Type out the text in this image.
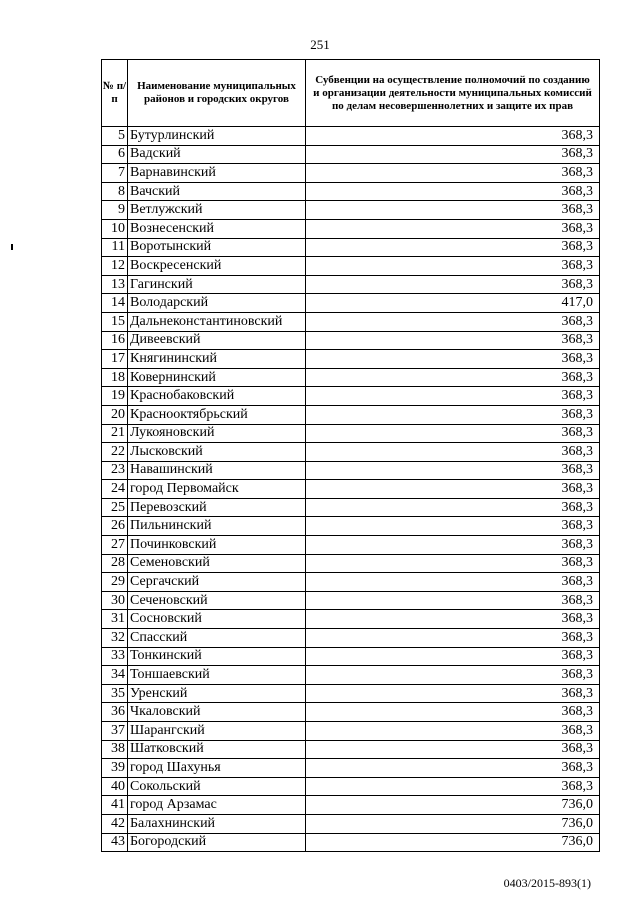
251
№ п/п	Наименование муниципальных районов и городских округов	Субвенции на осуществление полномочий по созданию и организации деятельности муниципальных комиссий по делам несовершеннолетних и защите их прав
5	Бутурлинский	368,3
6	Вадский	368,3
7	Варнавинский	368,3
8	Вачский	368,3
9	Ветлужский	368,3
10	Вознесенский	368,3
11	Воротынский	368,3
12	Воскресенский	368,3
13	Гагинский	368,3
14	Володарский	417,0
15	Дальнеконстантиновский	368,3
16	Дивеевский	368,3
17	Княгининский	368,3
18	Ковернинский	368,3
19	Краснобаковский	368,3
20	Краснооктябрьский	368,3
21	Лукояновский	368,3
22	Лысковский	368,3
23	Навашинский	368,3
24	город Первомайск	368,3
25	Перевозский	368,3
26	Пильнинский	368,3
27	Починковский	368,3
28	Семеновский	368,3
29	Сергачский	368,3
30	Сеченовский	368,3
31	Сосновский	368,3
32	Спасский	368,3
33	Тонкинский	368,3
34	Тоншаевский	368,3
35	Уренский	368,3
36	Чкаловский	368,3
37	Шарангский	368,3
38	Шатковский	368,3
39	город Шахунья	368,3
40	Сокольский	368,3
41	город Арзамас	736,0
42	Балахнинский	736,0
43	Богородский	736,0
0403/2015-893(1)
